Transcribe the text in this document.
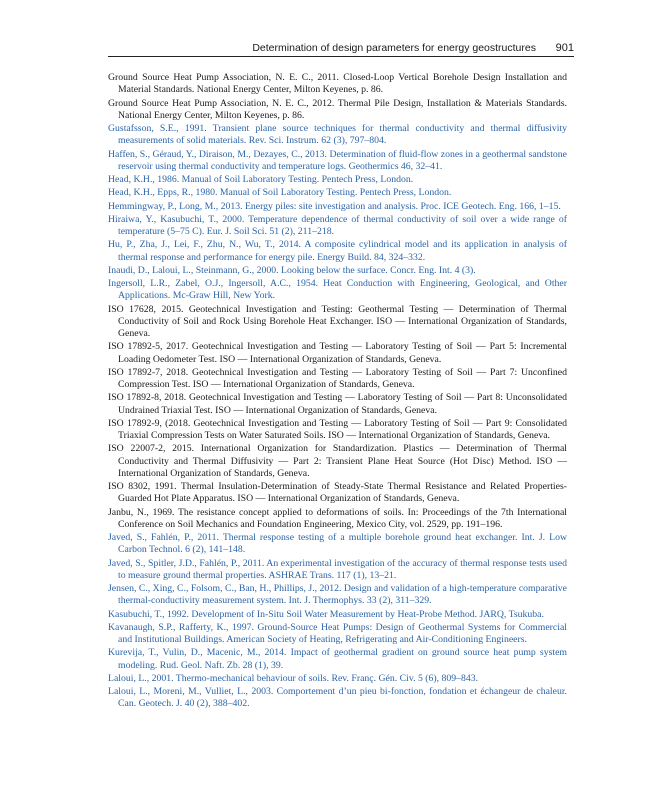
Determination of design parameters for energy geostructures 901

Ground Source Heat Pump Association, N. E. C., 2011. Closed-Loop Vertical Borehole Design Installation and Material Standards. National Energy Center, Milton Keyenes, p. 86.

Ground Source Heat Pump Association, N. E. C., 2012. Thermal Pile Design, Installation & Materials Standards. National Energy Center, Milton Keyenes, p. 86.

Gustafsson, S.E., 1991. Transient plane source techniques for thermal conductivity and thermal diffusivity measurements of solid materials. Rev. Sci. Instrum. 62 (3), 797–804.

Haffen, S., Géraud, Y., Diraison, M., Dezayes, C., 2013. Determination of fluid-flow zones in a geothermal sandstone reservoir using thermal conductivity and temperature logs. Geothermics 46, 32–41.

Head, K.H., 1986. Manual of Soil Laboratory Testing. Pentech Press, London.

Head, K.H., Epps, R., 1980. Manual of Soil Laboratory Testing. Pentech Press, London.

Hemmingway, P., Long, M., 2013. Energy piles: site investigation and analysis. Proc. ICE Geotech. Eng. 166, 1–15.

Hiraiwa, Y., Kasubuchi, T., 2000. Temperature dependence of thermal conductivity of soil over a wide range of temperature (5–75 C). Eur. J. Soil Sci. 51 (2), 211–218.

Hu, P., Zha, J., Lei, F., Zhu, N., Wu, T., 2014. A composite cylindrical model and its application in analysis of thermal response and performance for energy pile. Energy Build. 84, 324–332.

Inaudi, D., Laloui, L., Steinmann, G., 2000. Looking below the surface. Concr. Eng. Int. 4 (3).

Ingersoll, L.R., Zabel, O.J., Ingersoll, A.C., 1954. Heat Conduction with Engineering, Geological, and Other Applications. Mc-Graw Hill, New York.

ISO 17628, 2015. Geotechnical Investigation and Testing: Geothermal Testing — Determination of Thermal Conductivity of Soil and Rock Using Borehole Heat Exchanger. ISO — International Organization of Standards, Geneva.

ISO 17892-5, 2017. Geotechnical Investigation and Testing — Laboratory Testing of Soil — Part 5: Incremental Loading Oedometer Test. ISO — International Organization of Standards, Geneva.

ISO 17892-7, 2018. Geotechnical Investigation and Testing — Laboratory Testing of Soil — Part 7: Unconfined Compression Test. ISO — International Organization of Standards, Geneva.

ISO 17892-8, 2018. Geotechnical Investigation and Testing — Laboratory Testing of Soil — Part 8: Unconsolidated Undrained Triaxial Test. ISO — International Organization of Standards, Geneva.

ISO 17892-9, (2018. Geotechnical Investigation and Testing — Laboratory Testing of Soil — Part 9: Consolidated Triaxial Compression Tests on Water Saturated Soils. ISO — International Organization of Standards, Geneva.

ISO 22007-2, 2015. International Organization for Standardization. Plastics — Determination of Thermal Conductivity and Thermal Diffusivity — Part 2: Transient Plane Heat Source (Hot Disc) Method. ISO — International Organization of Standards, Geneva.

ISO 8302, 1991. Thermal Insulation-Determination of Steady-State Thermal Resistance and Related Properties-Guarded Hot Plate Apparatus. ISO — International Organization of Standards, Geneva.

Janbu, N., 1969. The resistance concept applied to deformations of soils. In: Proceedings of the 7th International Conference on Soil Mechanics and Foundation Engineering, Mexico City, vol. 2529, pp. 191–196.

Javed, S., Fahlén, P., 2011. Thermal response testing of a multiple borehole ground heat exchanger. Int. J. Low Carbon Technol. 6 (2), 141–148.

Javed, S., Spitler, J.D., Fahlén, P., 2011. An experimental investigation of the accuracy of thermal response tests used to measure ground thermal properties. ASHRAE Trans. 117 (1), 13–21.

Jensen, C., Xing, C., Folsom, C., Ban, H., Phillips, J., 2012. Design and validation of a high-temperature comparative thermal-conductivity measurement system. Int. J. Thermophys. 33 (2), 311–329.

Kasubuchi, T., 1992. Development of In-Situ Soil Water Measurement by Heat-Probe Method. JARQ, Tsukuba.

Kavanaugh, S.P., Rafferty, K., 1997. Ground-Source Heat Pumps: Design of Geothermal Systems for Commercial and Institutional Buildings. American Society of Heating, Refrigerating and Air-Conditioning Engineers.

Kurevija, T., Vulin, D., Macenic, M., 2014. Impact of geothermal gradient on ground source heat pump system modeling. Rud. Geol. Naft. Zb. 28 (1), 39.

Laloui, L., 2001. Thermo-mechanical behaviour of soils. Rev. Franç. Gén. Civ. 5 (6), 809–843.

Laloui, L., Moreni, M., Vulliet, L., 2003. Comportement d’un pieu bi-fonction, fondation et échangeur de chaleur. Can. Geotech. J. 40 (2), 388–402.
